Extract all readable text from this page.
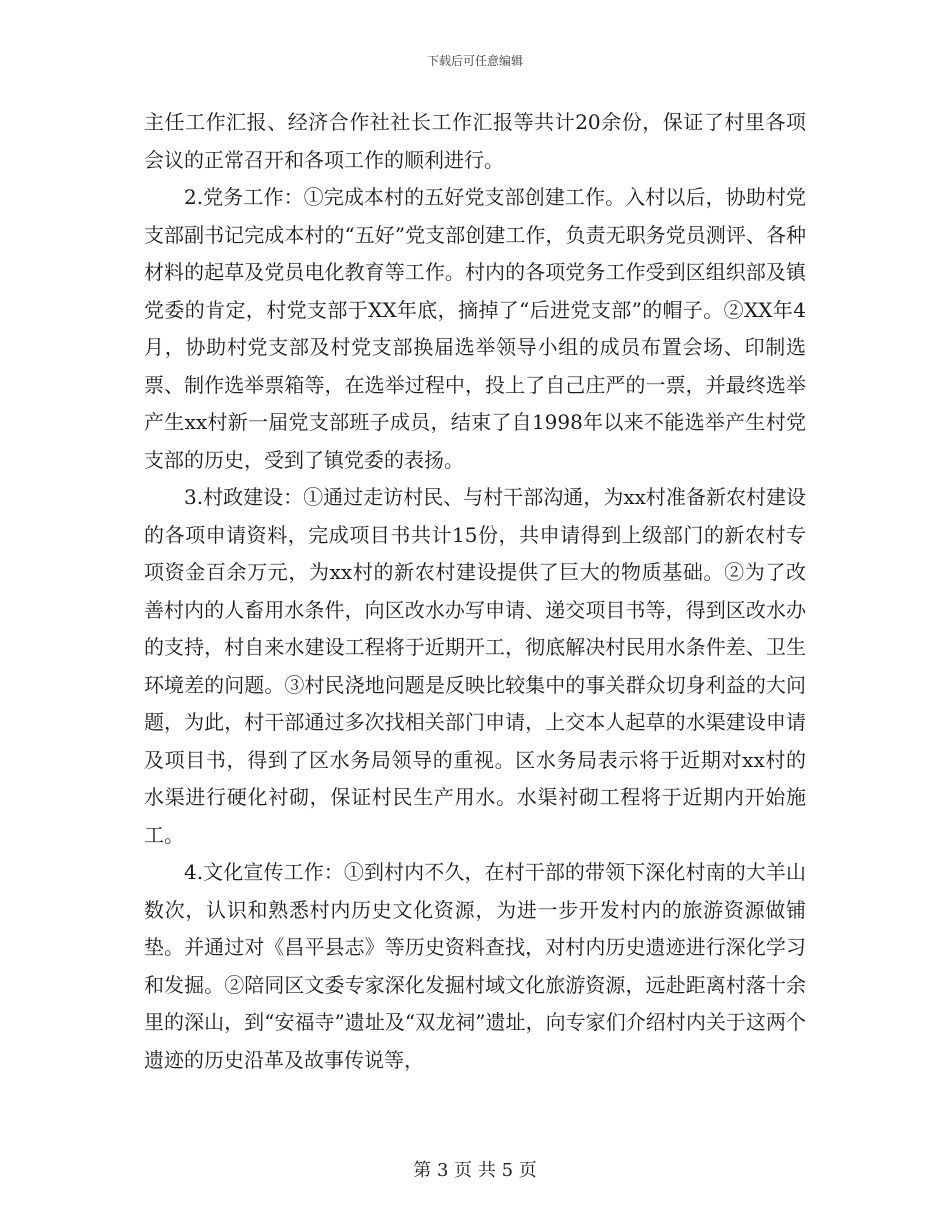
下载后可任意编辑

主任工作汇报、经济合作社社长工作汇报等共计20余份，保证了村里各项会议的正常召开和各项工作的顺利进行。

2.党务工作：①完成本村的五好党支部创建工作。入村以后，协助村党支部副书记完成本村的“五好”党支部创建工作，负责无职务党员测评、各种材料的起草及党员电化教育等工作。村内的各项党务工作受到区组织部及镇党委的肯定，村党支部于XX年底，摘掉了“后进党支部”的帽子。②XX年4月，协助村党支部及村党支部换届选举领导小组的成员布置会场、印制选票、制作选举票箱等，在选举过程中，投上了自己庄严的一票，并最终选举产生xx村新一届党支部班子成员，结束了自1998年以来不能选举产生村党支部的历史，受到了镇党委的表扬。

3.村政建设：①通过走访村民、与村干部沟通，为xx村准备新农村建设的各项申请资料，完成项目书共计15份，共申请得到上级部门的新农村专项资金百余万元，为xx村的新农村建设提供了巨大的物质基础。②为了改善村内的人畜用水条件，向区改水办写申请、递交项目书等，得到区改水办的支持，村自来水建设工程将于近期开工，彻底解决村民用水条件差、卫生环境差的问题。③村民浇地问题是反映比较集中的事关群众切身利益的大问题，为此，村干部通过多次找相关部门申请，上交本人起草的水渠建设申请及项目书，得到了区水务局领导的重视。区水务局表示将于近期对xx村的水渠进行硬化衬砌，保证村民生产用水。水渠衬砌工程将于近期内开始施工。

4.文化宣传工作：①到村内不久，在村干部的带领下深化村南的大羊山数次，认识和熟悉村内历史文化资源，为进一步开发村内的旅游资源做铺垫。并通过对《昌平县志》等历史资料查找，对村内历史遗迹进行深化学习和发掘。②陪同区文委专家深化发掘村域文化旅游资源，远赴距离村落十余里的深山，到“安福寺”遗址及“双龙祠”遗址，向专家们介绍村内关于这两个遗迹的历史沿革及故事传说等，

第 3 页 共 5 页
